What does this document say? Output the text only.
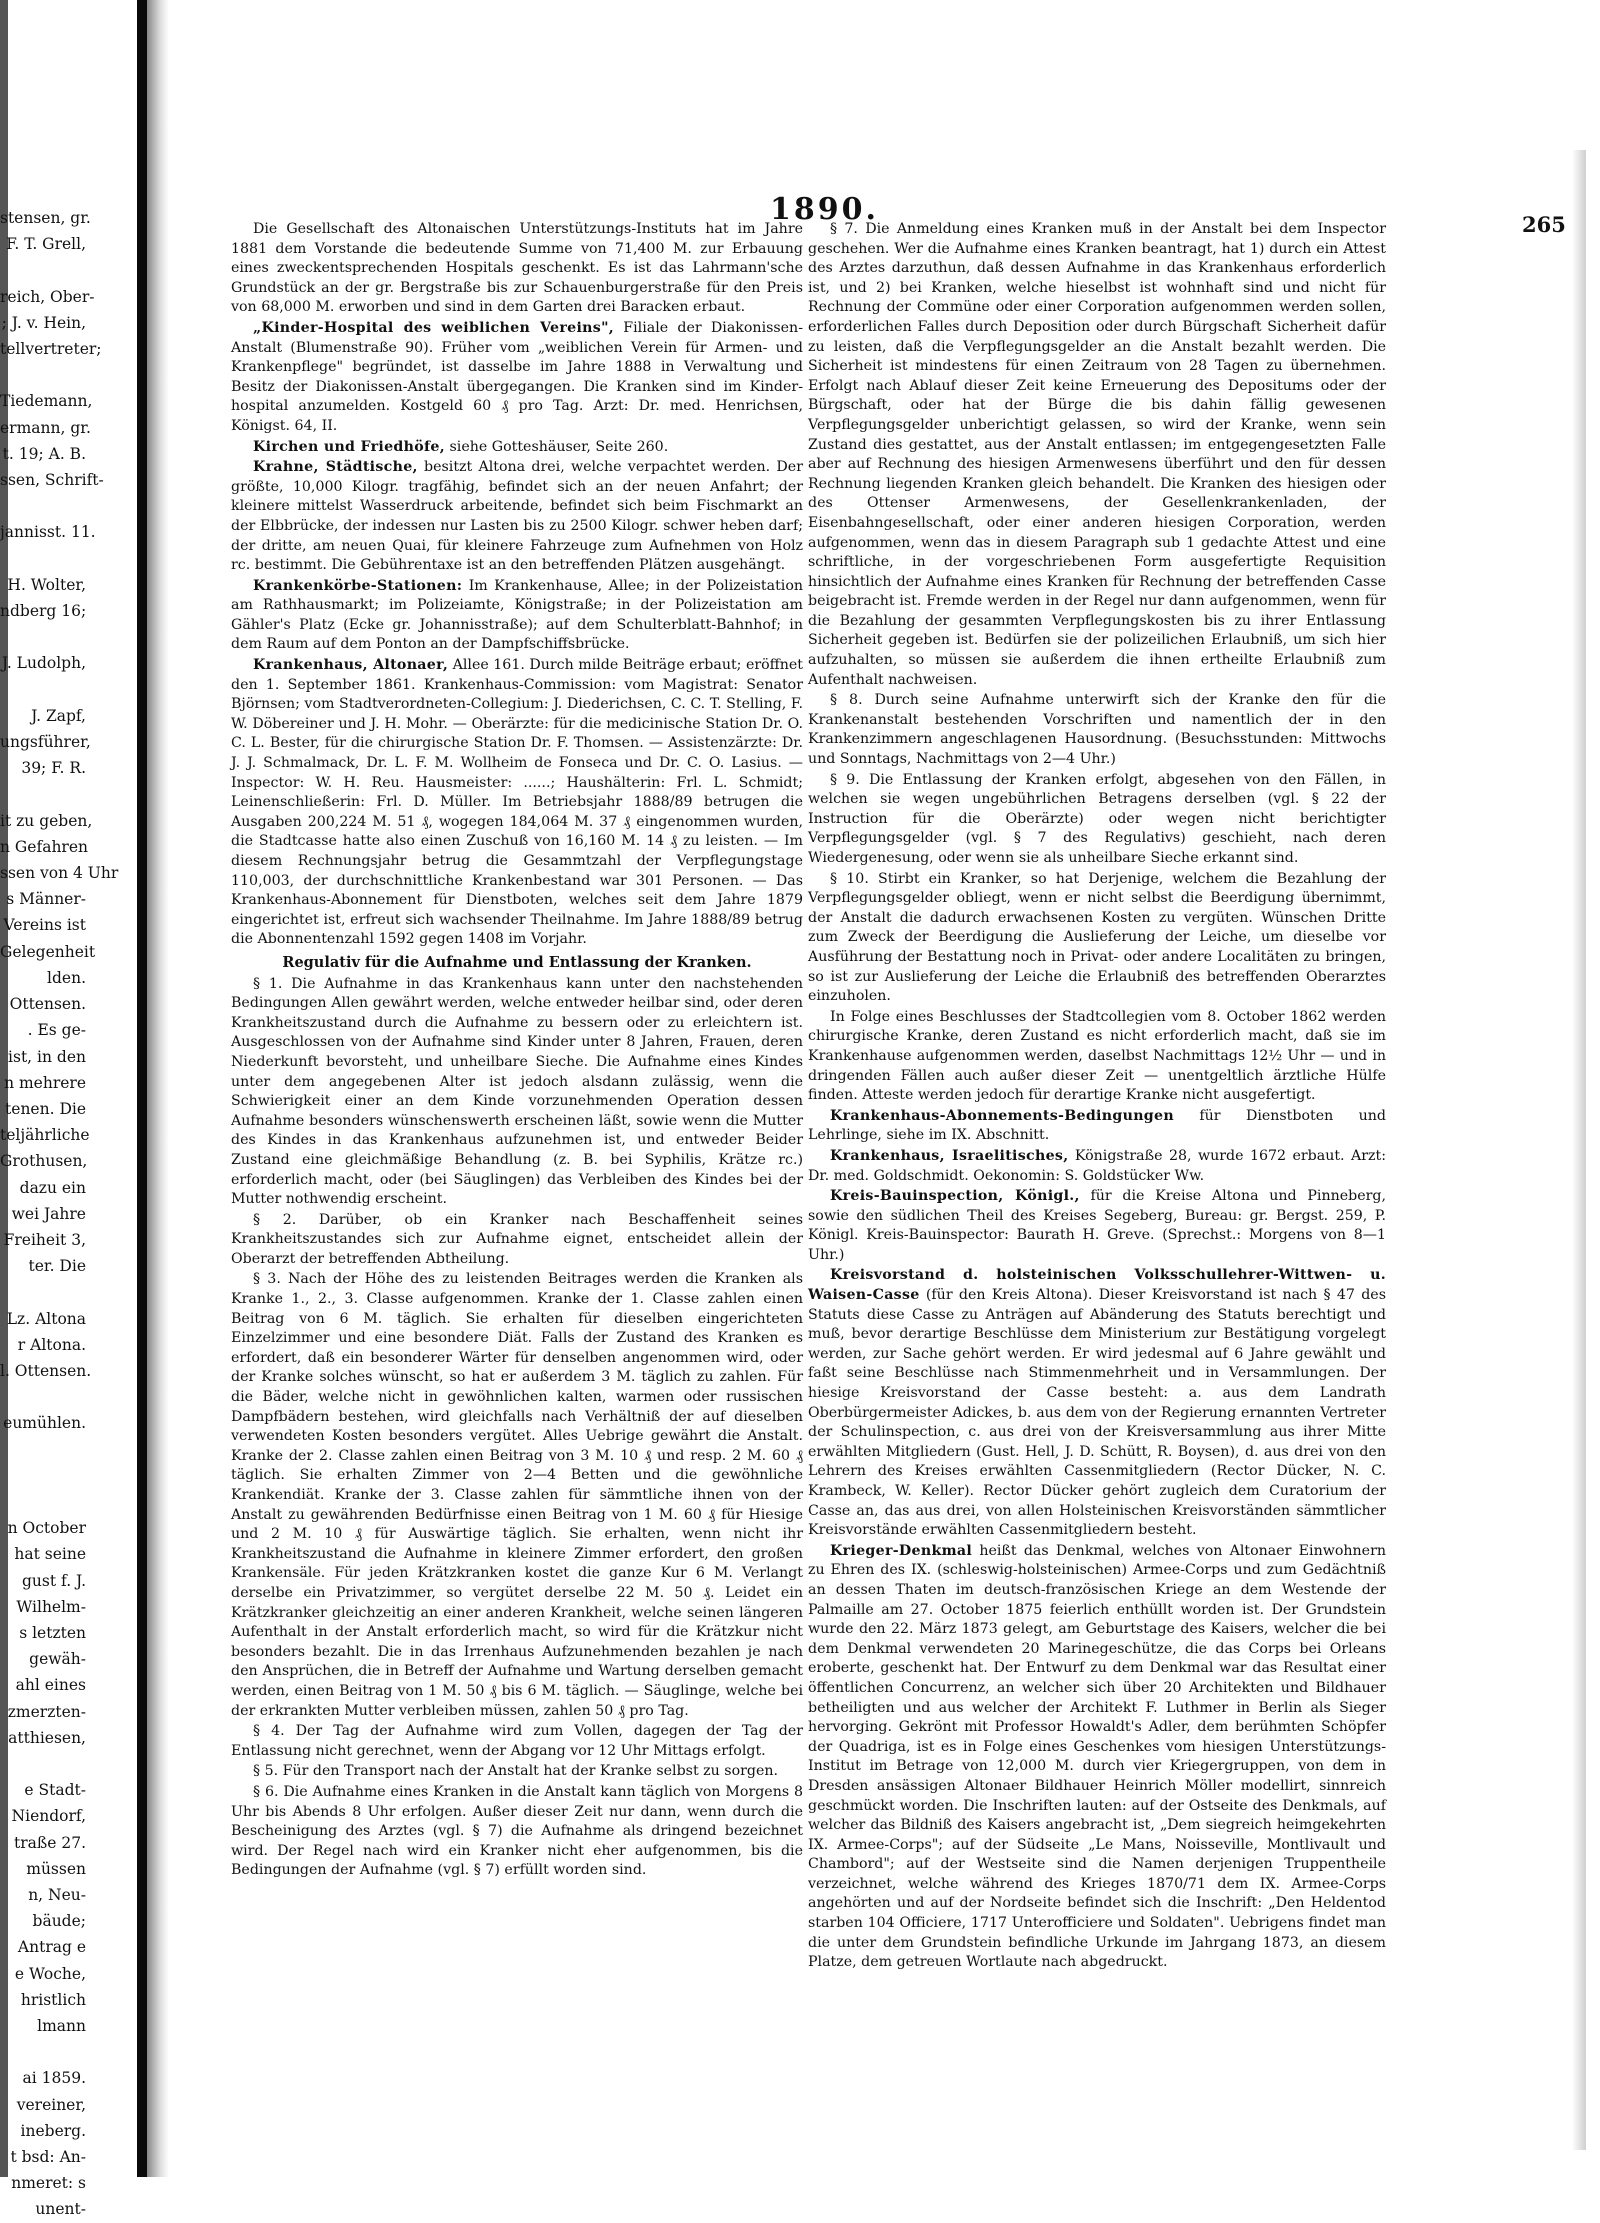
stensen, gr.
F. T. Grell,

reich, Ober-
; J. v. Hein,
tellvertreter;

Tiedemann,
ermann, gr.
t. 19; A. B.
ssen, Schrift-

jannisst. 11.

H. Wolter,
ndberg 16;

J. Ludolph,

J. Zapf,
ungsführer,
39; F. R.

it zu geben,
n Gefahren
ssen von 4 Uhr
s Männer-
Vereins ist
Gelegenheit
lden.
Ottensen.
. Es ge-
ist, in den
n mehrere
tenen. Die
teljährliche
Grothusen,
dazu ein
wei Jahre
Freiheit 3,
ter. Die

Lz. Altona
r Altona.
l. Ottensen.

eumühlen.

n October
hat seine
gust f. J.
Wilhelm-
s letzten
gewäh-
ahl eines
zmerzten-
atthiesen,

e Stadt-
Niendorf,
traße 27.
müssen
n, Neu-
bäude;
Antrag e
e Woche,
hristlich
lmann

ai 1859.
vereiner,
ineberg.
t bsd: An-
nmeret: s
unent-
1890.	265

Die Gesellschaft des Altonaischen Unterstützungs-Instituts hat im Jahre 1881 dem Vorstande die bedeutende Summe von 71,400 M. zur Erbauung eines zweckentsprechenden Hospitals geschenkt. Es ist das Lahrmann'sche Grundstück an der gr. Bergstraße bis zur Schauenburgerstraße für den Preis von 68,000 M. erworben und sind in dem Garten drei Baracken erbaut.

„Kinder-Hospital des weiblichen Vereins", Filiale der Diakonissen-Anstalt (Blumenstraße 90). Früher vom „weiblichen Verein für Armen- und Krankenpflege" begründet, ist dasselbe im Jahre 1888 in Verwaltung und Besitz der Diakonissen-Anstalt übergegangen. Die Kranken sind im Kinder-hospital anzumelden. Kostgeld 60 ₰ pro Tag. Arzt: Dr. med. Henrichsen, Königst. 64, II.

Kirchen und Friedhöfe, siehe Gotteshäuser, Seite 260.

Krahne, Städtische, besitzt Altona drei, welche verpachtet werden. Der größte, 10,000 Kilogr. tragfähig, befindet sich an der neuen Anfahrt; der kleinere mittelst Wasserdruck arbeitende, befindet sich beim Fischmarkt an der Elbbrücke, der indessen nur Lasten bis zu 2500 Kilogr. schwer heben darf; der dritte, am neuen Quai, für kleinere Fahrzeuge zum Aufnehmen von Holz rc. bestimmt. Die Gebührentaxe ist an den betreffenden Plätzen ausgehängt.

Krankenkörbe-Stationen: Im Krankenhause, Allee; in der Polizeistation am Rathhausmarkt; im Polizeiamte, Königstraße; in der Polizeistation am Gähler's Platz (Ecke gr. Johannisstraße); auf dem Schulterblatt-Bahnhof; in dem Raum auf dem Ponton an der Dampfschiffsbrücke.

Krankenhaus, Altonaer, Allee 161. Durch milde Beiträge erbaut; eröffnet den 1. September 1861. Krankenhaus-Commission: vom Magistrat: Senator Björnsen; vom Stadtverordneten-Collegium: J. Diederichsen, C. C. T. Stelling, F. W. Döbereiner und J. H. Mohr. — Oberärzte: für die medicinische Station Dr. O. C. L. Bester, für die chirurgische Station Dr. F. Thomsen. — Assistenzärzte: Dr. J. J. Schmalmack, Dr. L. F. M. Wollheim de Fonseca und Dr. C. O. Lasius. — Inspector: W. H. Reu. Hausmeister: ......; Haushälterin: Frl. L. Schmidt; Leinenschließerin: Frl. D. Müller. Im Betriebsjahr 1888/89 betrugen die Ausgaben 200,224 M. 51 ₰, wogegen 184,064 M. 37 ₰ eingenommen wurden, die Stadtcasse hatte also einen Zuschuß von 16,160 M. 14 ₰ zu leisten. — Im diesem Rechnungsjahr betrug die Gesammtzahl der Verpflegungstage 110,003, der durchschnittliche Krankenbestand war 301 Personen. — Das Krankenhaus-Abonnement für Dienstboten, welches seit dem Jahre 1879 eingerichtet ist, erfreut sich wachsender Theilnahme. Im Jahre 1888/89 betrug die Abonnentenzahl 1592 gegen 1408 im Vorjahr.

Regulativ für die Aufnahme und Entlassung der Kranken.

§ 1. Die Aufnahme in das Krankenhaus kann unter den nachstehenden Bedingungen Allen gewährt werden, welche entweder heilbar sind, oder deren Krankheitszustand durch die Aufnahme zu bessern oder zu erleichtern ist. Ausgeschlossen von der Aufnahme sind Kinder unter 8 Jahren, Frauen, deren Niederkunft bevorsteht, und unheilbare Sieche. Die Aufnahme eines Kindes unter dem angegebenen Alter ist jedoch alsdann zulässig, wenn die Schwierigkeit einer an dem Kinde vorzunehmenden Operation dessen Aufnahme besonders wünschenswerth erscheinen läßt, sowie wenn die Mutter des Kindes in das Krankenhaus aufzunehmen ist, und entweder Beider Zustand eine gleichmäßige Behandlung (z. B. bei Syphilis, Krätze rc.) erforderlich macht, oder (bei Säuglingen) das Verbleiben des Kindes bei der Mutter nothwendig erscheint.

§ 2. Darüber, ob ein Kranker nach Beschaffenheit seines Krankheitszustandes sich zur Aufnahme eignet, entscheidet allein der Oberarzt der betreffenden Abtheilung.

§ 3. Nach der Höhe des zu leistenden Beitrages werden die Kranken als Kranke 1., 2., 3. Classe aufgenommen. Kranke der 1. Classe zahlen einen Beitrag von 6 M. täglich. Sie erhalten für dieselben eingerichteten Einzelzimmer und eine besondere Diät. Falls der Zustand des Kranken es erfordert, daß ein besonderer Wärter für denselben angenommen wird, oder der Kranke solches wünscht, so hat er außerdem 3 M. täglich zu zahlen. Für die Bäder, welche nicht in gewöhnlichen kalten, warmen oder russischen Dampfbädern bestehen, wird gleichfalls nach Verhältniß der auf dieselben verwendeten Kosten besonders vergütet. Alles Uebrige gewährt die Anstalt. Kranke der 2. Classe zahlen einen Beitrag von 3 M. 10 ₰ und resp. 2 M. 60 ₰ täglich. Sie erhalten Zimmer von 2—4 Betten und die gewöhnliche Krankendiät. Kranke der 3. Classe zahlen für sämmtliche ihnen von der Anstalt zu gewährenden Bedürfnisse einen Beitrag von 1 M. 60 ₰ für Hiesige und 2 M. 10 ₰ für Auswärtige täglich. Sie erhalten, wenn nicht ihr Krankheitszustand die Aufnahme in kleinere Zimmer erfordert, den großen Krankensäle. Für jeden Krätzkranken kostet die ganze Kur 6 M. Verlangt derselbe ein Privatzimmer, so vergütet derselbe 22 M. 50 ₰. Leidet ein Krätzkranker gleichzeitig an einer anderen Krankheit, welche seinen längeren Aufenthalt in der Anstalt erforderlich macht, so wird für die Krätzkur nicht besonders bezahlt. Die in das Irrenhaus Aufzunehmenden bezahlen je nach den Ansprüchen, die in Betreff der Aufnahme und Wartung derselben gemacht werden, einen Beitrag von 1 M. 50 ₰ bis 6 M. täglich. — Säuglinge, welche bei der erkrankten Mutter verbleiben müssen, zahlen 50 ₰ pro Tag.

§ 4. Der Tag der Aufnahme wird zum Vollen, dagegen der Tag der Entlassung nicht gerechnet, wenn der Abgang vor 12 Uhr Mittags erfolgt.

§ 5. Für den Transport nach der Anstalt hat der Kranke selbst zu sorgen.

§ 6. Die Aufnahme eines Kranken in die Anstalt kann täglich von Morgens 8 Uhr bis Abends 8 Uhr erfolgen. Außer dieser Zeit nur dann, wenn durch die Bescheinigung des Arztes (vgl. § 7) die Aufnahme als dringend bezeichnet wird. Der Regel nach wird ein Kranker nicht eher aufgenommen, bis die Bedingungen der Aufnahme (vgl. § 7) erfüllt worden sind.

§ 7. Die Anmeldung eines Kranken muß in der Anstalt bei dem Inspector geschehen. Wer die Aufnahme eines Kranken beantragt, hat 1) durch ein Attest des Arztes darzuthun, daß dessen Aufnahme in das Krankenhaus erforderlich ist, und 2) bei Kranken, welche hieselbst ist wohnhaft sind und nicht für Rechnung der Commüne oder einer Corporation aufgenommen werden sollen, erforderlichen Falles durch Deposition oder durch Bürgschaft Sicherheit dafür zu leisten, daß die Verpflegungsgelder an die Anstalt bezahlt werden. Die Sicherheit ist mindestens für einen Zeitraum von 28 Tagen zu übernehmen. Erfolgt nach Ablauf dieser Zeit keine Erneuerung des Depositums oder der Bürgschaft, oder hat der Bürge die bis dahin fällig gewesenen Verpflegungsgelder unberichtigt gelassen, so wird der Kranke, wenn sein Zustand dies gestattet, aus der Anstalt entlassen; im entgegengesetzten Falle aber auf Rechnung des hiesigen Armenwesens überführt und den für dessen Rechnung liegenden Kranken gleich behandelt. Die Kranken des hiesigen oder des Ottenser Armenwesens, der Gesellenkrankenladen, der Eisenbahngesellschaft, oder einer anderen hiesigen Corporation, werden aufgenommen, wenn das in diesem Paragraph sub 1 gedachte Attest und eine schriftliche, in der vorgeschriebenen Form ausgefertigte Requisition hinsichtlich der Aufnahme eines Kranken für Rechnung der betreffenden Casse beigebracht ist. Fremde werden in der Regel nur dann aufgenommen, wenn für die Bezahlung der gesammten Verpflegungskosten bis zu ihrer Entlassung Sicherheit gegeben ist. Bedürfen sie der polizeilichen Erlaubniß, um sich hier aufzuhalten, so müssen sie außerdem die ihnen ertheilte Erlaubniß zum Aufenthalt nachweisen.

§ 8. Durch seine Aufnahme unterwirft sich der Kranke den für die Krankenanstalt bestehenden Vorschriften und namentlich der in den Krankenzimmern angeschlagenen Hausordnung. (Besuchsstunden: Mittwochs und Sonntags, Nachmittags von 2—4 Uhr.)

§ 9. Die Entlassung der Kranken erfolgt, abgesehen von den Fällen, in welchen sie wegen ungebührlichen Betragens derselben (vgl. § 22 der Instruction für die Oberärzte) oder wegen nicht berichtigter Verpflegungsgelder (vgl. § 7 des Regulativs) geschieht, nach deren Wiedergenesung, oder wenn sie als unheilbare Sieche erkannt sind.

§ 10. Stirbt ein Kranker, so hat Derjenige, welchem die Bezahlung der Verpflegungsgelder obliegt, wenn er nicht selbst die Beerdigung übernimmt, der Anstalt die dadurch erwachsenen Kosten zu vergüten. Wünschen Dritte zum Zweck der Beerdigung die Auslieferung der Leiche, um dieselbe vor Ausführung der Bestattung noch in Privat- oder andere Localitäten zu bringen, so ist zur Auslieferung der Leiche die Erlaubniß des betreffenden Oberarztes einzuholen.

In Folge eines Beschlusses der Stadtcollegien vom 8. October 1862 werden chirurgische Kranke, deren Zustand es nicht erforderlich macht, daß sie im Krankenhause aufgenommen werden, daselbst Nachmittags 12½ Uhr — und in dringenden Fällen auch außer dieser Zeit — unentgeltlich ärztliche Hülfe finden. Atteste werden jedoch für derartige Kranke nicht ausgefertigt.

Krankenhaus-Abonnements-Bedingungen für Dienstboten und Lehrlinge, siehe im IX. Abschnitt.

Krankenhaus, Israelitisches, Königstraße 28, wurde 1672 erbaut. Arzt: Dr. med. Goldschmidt. Oekonomin: S. Goldstücker Ww.

Kreis-Bauinspection, Königl., für die Kreise Altona und Pinneberg, sowie den südlichen Theil des Kreises Segeberg, Bureau: gr. Bergst. 259, P. Königl. Kreis-Bauinspector: Baurath H. Greve. (Sprechst.: Morgens von 8—1 Uhr.)

Kreisvorstand d. holsteinischen Volksschullehrer-Wittwen- u. Waisen-Casse (für den Kreis Altona). Dieser Kreisvorstand ist nach § 47 des Statuts diese Casse zu Anträgen auf Abänderung des Statuts berechtigt und muß, bevor derartige Beschlüsse dem Ministerium zur Bestätigung vorgelegt werden, zur Sache gehört werden. Er wird jedesmal auf 6 Jahre gewählt und faßt seine Beschlüsse nach Stimmenmehrheit und in Versammlungen. Der hiesige Kreisvorstand der Casse besteht: a. aus dem Landrath Oberbürgermeister Adickes, b. aus dem von der Regierung ernannten Vertreter der Schulinspection, c. aus drei von der Kreisversammlung aus ihrer Mitte erwählten Mitgliedern (Gust. Hell, J. D. Schütt, R. Boysen), d. aus drei von den Lehrern des Kreises erwählten Cassenmitgliedern (Rector Dücker, N. C. Krambeck, W. Keller). Rector Dücker gehört zugleich dem Curatorium der Casse an, das aus drei, von allen Holsteinischen Kreisvorständen sämmtlicher Kreisvorstände erwählten Cassenmitgliedern besteht.

Krieger-Denkmal heißt das Denkmal, welches von Altonaer Einwohnern zu Ehren des IX. (schleswig-holsteinischen) Armee-Corps und zum Gedächtniß an dessen Thaten im deutsch-französischen Kriege an dem Westende der Palmaille am 27. October 1875 feierlich enthüllt worden ist. Der Grundstein wurde den 22. März 1873 gelegt, am Geburtstage des Kaisers, welcher die bei dem Denkmal verwendeten 20 Marinegeschütze, die das Corps bei Orleans eroberte, geschenkt hat. Der Entwurf zu dem Denkmal war das Resultat einer öffentlichen Concurrenz, an welcher sich über 20 Architekten und Bildhauer betheiligten und aus welcher der Architekt F. Luthmer in Berlin als Sieger hervorging. Gekrönt mit Professor Howaldt's Adler, dem berühmten Schöpfer der Quadriga, ist es in Folge eines Geschenkes vom hiesigen Unterstützungs-Institut im Betrage von 12,000 M. durch vier Kriegergruppen, von dem in Dresden ansässigen Altonaer Bildhauer Heinrich Möller modellirt, sinnreich geschmückt worden. Die Inschriften lauten: auf der Ostseite des Denkmals, auf welcher das Bildniß des Kaisers angebracht ist, „Dem siegreich heimgekehrten IX. Armee-Corps"; auf der Südseite „Le Mans, Noisseville, Montlivault und Chambord"; auf der Westseite sind die Namen derjenigen Truppentheile verzeichnet, welche während des Krieges 1870/71 dem IX. Armee-Corps angehörten und auf der Nordseite befindet sich die Inschrift: „Den Heldentod starben 104 Officiere, 1717 Unterofficiere und Soldaten". Uebrigens findet man die unter dem Grundstein befindliche Urkunde im Jahrgang 1873, an diesem Platze, dem getreuen Wortlaute nach abgedruckt.
